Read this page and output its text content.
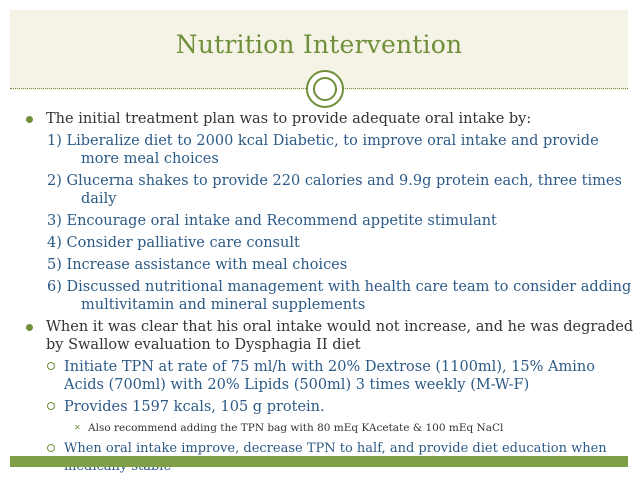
Nutrition Intervention
The initial treatment plan was to provide adequate oral intake by:
1) Liberalize diet to 2000 kcal Diabetic, to improve oral intake and provide
more meal choices
2) Glucerna shakes to provide 220 calories and 9.9g protein each, three times
daily
3) Encourage oral intake and Recommend appetite stimulant
4) Consider palliative care consult
5) Increase assistance with meal choices
6) Discussed nutritional management with health care team to consider adding
multivitamin and mineral supplements
When it was clear that his oral intake would not increase, and he was degraded
by Swallow evaluation to Dysphagia II diet
Initiate TPN at rate of 75 ml/h with 20% Dextrose (1100ml), 15% Amino
Acids (700ml) with 20% Lipids (500ml) 3 times weekly (M-W-F)
Provides 1597 kcals, 105 g protein.
✕ Also recommend adding the TPN bag with 80 mEq KAcetate & 100 mEq NaCl
When oral intake improve, decrease TPN to half, and provide diet education when
